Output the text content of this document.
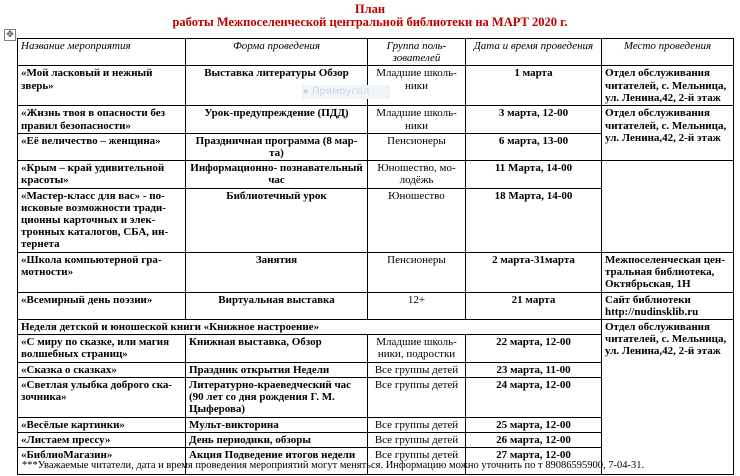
План
работы Межпоселенческой центральной библиотеки на МАРТ 2020 г.
✥
Название мероприятия	Форма проведения	Группа поль- зователей	Дата и время проведения	Место проведения
«Мой ласковый и нежный зверь»	Выставка литературы Обзор	Младшие школь- ники	1 марта	Отдел обслуживания читателей, с. Мельница, ул. Ленина,42, 2-й этаж
«Жизнь твоя в опасности без правил безопасности»	Урок-предупреждение (ПДД)	Младшие школь- ники	3 марта, 12-00	Отдел обслуживания читателей, с. Мельница, ул. Ленина,42, 2-й этаж
«Её величество – женщина»	Праздничная программа (8 мар- та)	Пенсионеры	6 марта, 13-00	
«Крым – край удивительной красоты»	Информационно- познавательный час	Юношество, мо- лодёжь	11 Марта, 14-00	
«Мастер-класс для вас» - по- исковые возможности тради- ционны карточных и элек- тронных каталогов, СБА, ин- тернета	Библиотечный урок	Юношество	18 Марта, 14-00	
«Школа компьютерной гра- мотности»	Занятия	Пенсионеры	2 марта-31марта	Межпоселенческая цен- тральная библиотека, Октябрьская, 1Н
«Всемирный день поэзии»	Виртуальная выставка	12+	21 марта	Сайт библиотеки http://nudinsklib.ru
Неделя детской и юношеской книги «Книжное настроение»				Отдел обслуживания читателей, с. Мельница, ул. Ленина,42, 2-й этаж
«С миру по сказке, или магия волшебных страниц»	Книжная выставка, Обзор	Младшие школь- ники, подростки	22 марта, 12-00	
«Сказка о сказках»	Праздник открытия Недели	Все группы детей	23 марта, 11-00	
«Светлая улыбка доброго ска- зочника»	Литературно-краеведческий час (90 лет со дня рождения Г. М. Цыферова)	Все группы детей	24 марта, 12-00	
«Весёлые картинки»	Мульт-викторина	Все группы детей	25 марта, 12-00	
«Листаем прессу»	День периодики, обзоры	Все группы детей	26 марта, 12-00	
«БиблиоМагазин»	Акция Подведение итогов недели	Все группы детей	27 марта, 12-00	
● Прямоугол
***Уважаемые читатели, дата и время проведения мероприятий могут меняться. Информацию можно уточнить по т 89086595900, 7-04-31.
